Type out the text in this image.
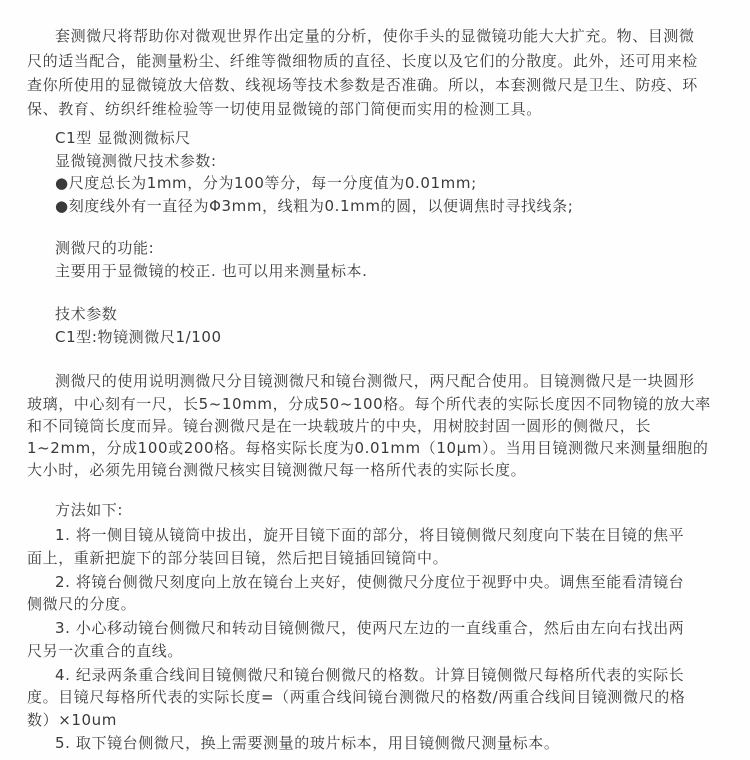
套测微尺将帮助你对微观世界作出定量的分析，使你手头的显微镜功能大大扩充。物、目测微
尺的适当配合，能测量粉尘、纤维等微细物质的直径、长度以及它们的分散度。此外，还可用来检
查你所使用的显微镜放大倍数、线视场等技术参数是否准确。所以，本套测微尺是卫生、防疫、环
保、教育、纺织纤维检验等一切使用显微镜的部门简便而实用的检测工具。
C1型 显微测微标尺
显微镜测微尺技术参数:
●尺度总长为1mm，分为100等分，每一分度值为0.01mm;
●刻度线外有一直径为Φ3mm，线粗为0.1mm的圆，以便调焦时寻找线条;
测微尺的功能:
主要用于显微镜的校正. 也可以用来测量标本.
技术参数
C1型:物镜测微尺1/100
测微尺的使用说明测微尺分目镜测微尺和镜台测微尺，两尺配合使用。目镜测微尺是一块圆形
玻璃，中心刻有一尺，长5~10mm，分成50~100格。每个所代表的实际长度因不同物镜的放大率
和不同镜筒长度而异。镜台测微尺是在一块载玻片的中央，用树胶封固一圆形的侧微尺，长
1~2mm，分成100或200格。每格实际长度为0.01mm（10µm）。当用目镜测微尺来测量细胞的
大小时，必须先用镜台测微尺核实目镜测微尺每一格所代表的实际长度。
方法如下:
1. 将一侧目镜从镜筒中拔出，旋开目镜下面的部分，将目镜侧微尺刻度向下装在目镜的焦平
面上，重新把旋下的部分装回目镜，然后把目镜插回镜筒中。
2. 将镜台侧微尺刻度向上放在镜台上夹好，使侧微尺分度位于视野中央。调焦至能看清镜台
侧微尺的分度。
3. 小心移动镜台侧微尺和转动目镜侧微尺，使两尺左边的一直线重合，然后由左向右找出两
尺另一次重合的直线。
4. 纪录两条重合线间目镜侧微尺和镜台侧微尺的格数。计算目镜侧微尺每格所代表的实际长
度。目镜尺每格所代表的实际长度=（两重合线间镜台测微尺的格数/两重合线间目镜测微尺的格
数）×10um
5. 取下镜台侧微尺，换上需要测量的玻片标本，用目镜侧微尺测量标本。
